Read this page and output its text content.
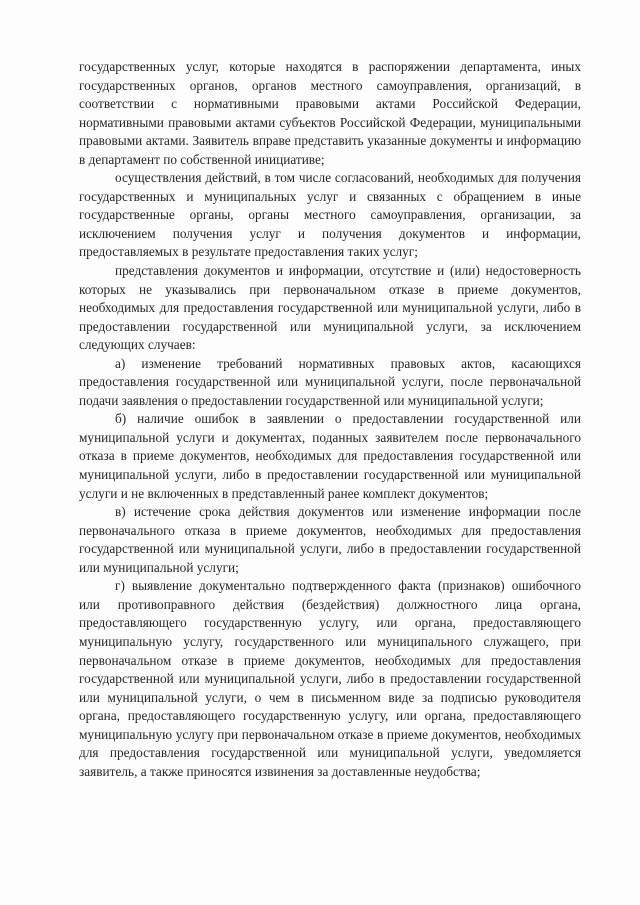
государственных услуг, которые находятся в распоряжении департамента, иных государственных органов, органов местного самоуправления, организаций, в соответствии с нормативными правовыми актами Российской Федерации, нормативными правовыми актами субъектов Российской Федерации, муниципальными правовыми актами. Заявитель вправе представить указанные документы и информацию в департамент по собственной инициативе;

осуществления действий, в том числе согласований, необходимых для получения государственных и муниципальных услуг и связанных с обращением в иные государственные органы, органы местного самоуправления, организации, за исключением получения услуг и получения документов и информации, предоставляемых в результате предоставления таких услуг;

представления документов и информации, отсутствие и (или) недостоверность которых не указывались при первоначальном отказе в приеме документов, необходимых для предоставления государственной или муниципальной услуги, либо в предоставлении государственной или муниципальной услуги, за исключением следующих случаев:

а) изменение требований нормативных правовых актов, касающихся предоставления государственной или муниципальной услуги, после первоначальной подачи заявления о предоставлении государственной или муниципальной услуги;

б) наличие ошибок в заявлении о предоставлении государственной или муниципальной услуги и документах, поданных заявителем после первоначального отказа в приеме документов, необходимых для предоставления государственной или муниципальной услуги, либо в предоставлении государственной или муниципальной услуги и не включенных в представленный ранее комплект документов;

в) истечение срока действия документов или изменение информации после первоначального отказа в приеме документов, необходимых для предоставления государственной или муниципальной услуги, либо в предоставлении государственной или муниципальной услуги;

г) выявление документально подтвержденного факта (признаков) ошибочного или противоправного действия (бездействия) должностного лица органа, предоставляющего государственную услугу, или органа, предоставляющего муниципальную услугу, государственного или муниципального служащего, при первоначальном отказе в приеме документов, необходимых для предоставления государственной или муниципальной услуги, либо в предоставлении государственной или муниципальной услуги, о чем в письменном виде за подписью руководителя органа, предоставляющего государственную услугу, или органа, предоставляющего муниципальную услугу при первоначальном отказе в приеме документов, необходимых для предоставления государственной или муниципальной услуги, уведомляется заявитель, а также приносятся извинения за доставленные неудобства;
